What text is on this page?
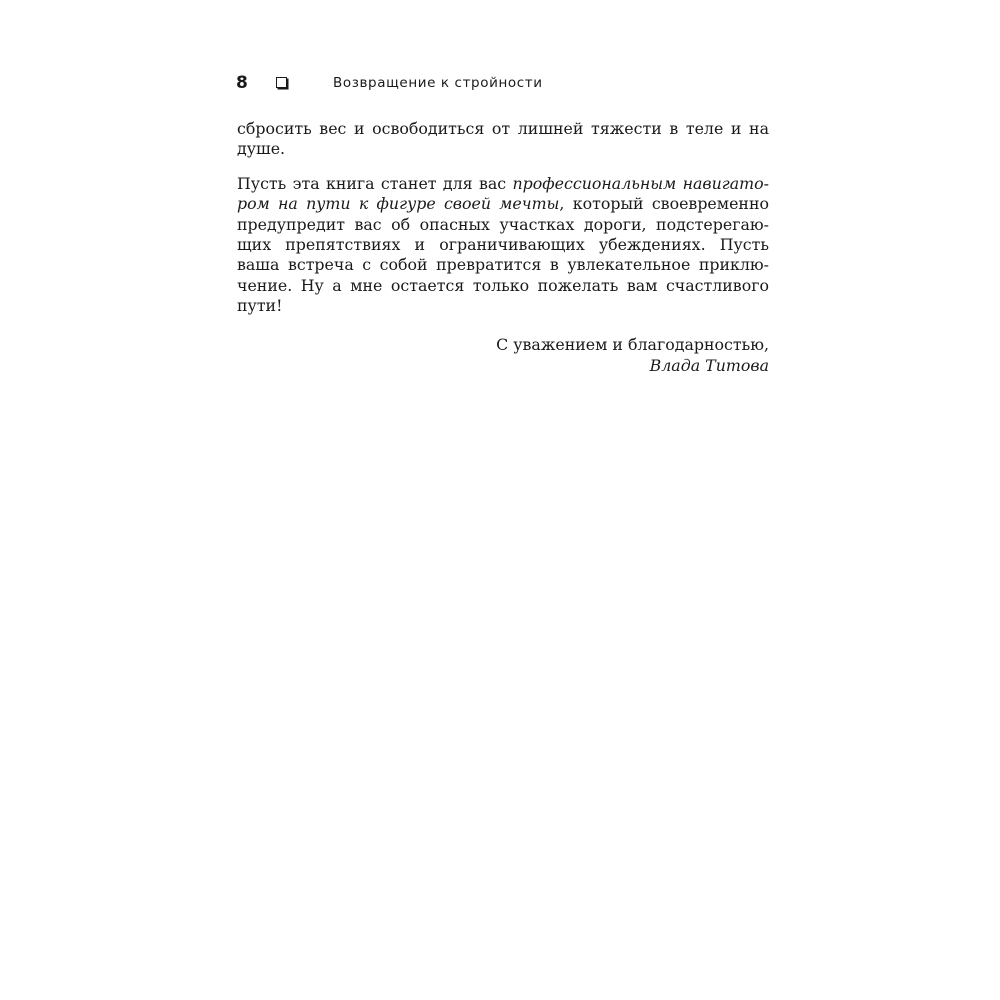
8	Возвращение к стройности
сбросить вес и освободиться от лишней тяжести в теле и на
душе.
Пусть эта книга станет для вас профессиональным навигато-
ром на пути к фигуре своей мечты, который своевременно
предупредит вас об опасных участках дороги, подстерегаю-
щих препятствиях и ограничивающих убеждениях. Пусть
ваша встреча с собой превратится в увлекательное приклю-
чение. Ну а мне остается только пожелать вам счастливого
пути!
С уважением и благодарностью,
Влада Титова
